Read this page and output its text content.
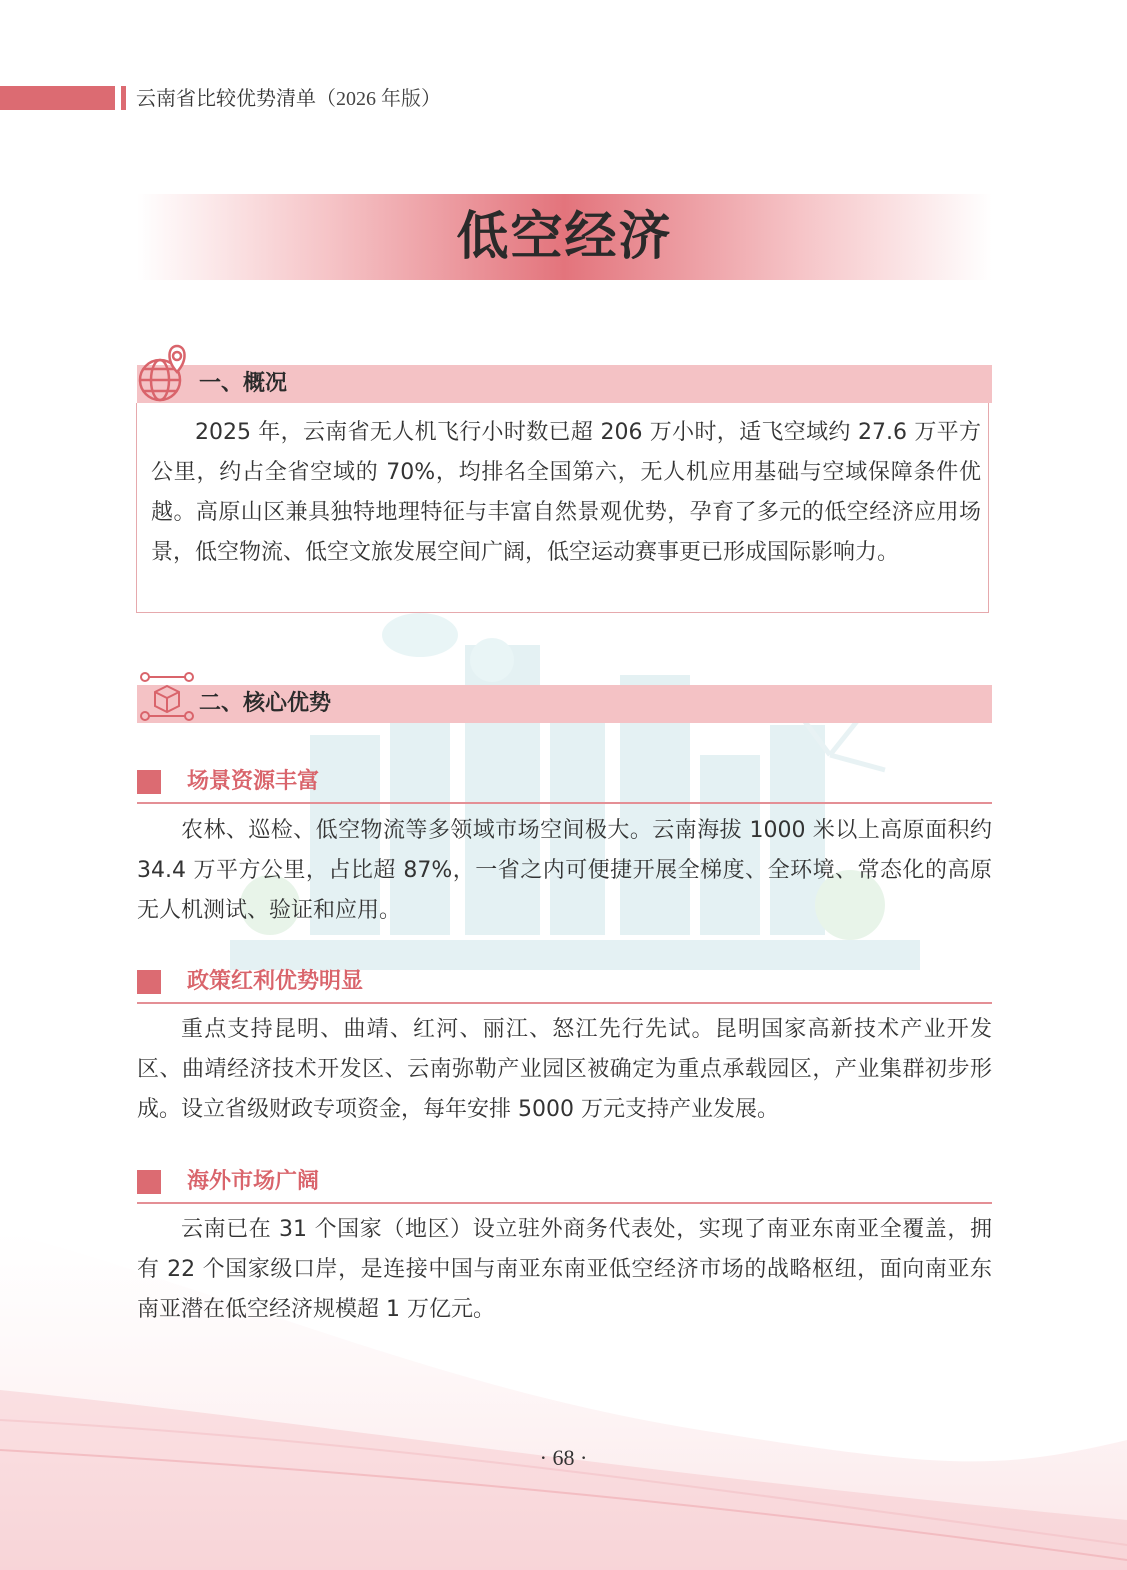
云南省比较优势清单（2026 年版）
低空经济
一、概况

2025 年，云南省无人机飞行小时数已超 206 万小时，适飞空域约 27.6 万平方公里，约占全省空域的 70%，均排名全国第六，无人机应用基础与空域保障条件优越。高原山区兼具独特地理特征与丰富自然景观优势，孕育了多元的低空经济应用场景，低空物流、低空文旅发展空间广阔，低空运动赛事更已形成国际影响力。

二、核心优势
场景资源丰富

农林、巡检、低空物流等多领域市场空间极大。云南海拔 1000 米以上高原面积约 34.4 万平方公里，占比超 87%，一省之内可便捷开展全梯度、全环境、常态化的高原无人机测试、验证和应用。

政策红利优势明显

重点支持昆明、曲靖、红河、丽江、怒江先行先试。昆明国家高新技术产业开发区、曲靖经济技术开发区、云南弥勒产业园区被确定为重点承载园区，产业集群初步形成。设立省级财政专项资金，每年安排 5000 万元支持产业发展。

海外市场广阔

云南已在 31 个国家（地区）设立驻外商务代表处，实现了南亚东南亚全覆盖，拥有 22 个国家级口岸，是连接中国与南亚东南亚低空经济市场的战略枢纽，面向南亚东南亚潜在低空经济规模超 1 万亿元。

· 68 ·
